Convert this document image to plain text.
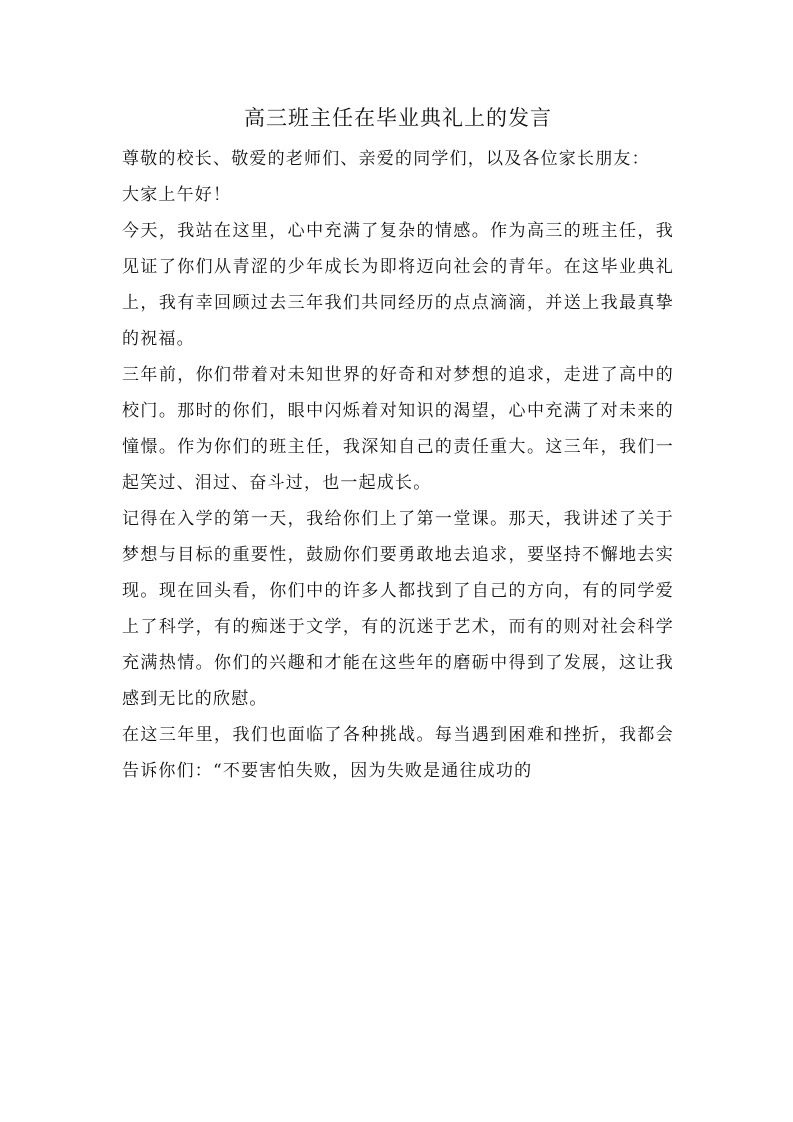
高三班主任在毕业典礼上的发言

尊敬的校长、敬爱的老师们、亲爱的同学们，以及各位家长朋友：

大家上午好！

今天，我站在这里，心中充满了复杂的情感。作为高三的班主任，我见证了你们从青涩的少年成长为即将迈向社会的青年。在这毕业典礼上，我有幸回顾过去三年我们共同经历的点点滴滴，并送上我最真挚的祝福。

三年前，你们带着对未知世界的好奇和对梦想的追求，走进了高中的校门。那时的你们，眼中闪烁着对知识的渴望，心中充满了对未来的憧憬。作为你们的班主任，我深知自己的责任重大。这三年，我们一起笑过、泪过、奋斗过，也一起成长。

记得在入学的第一天，我给你们上了第一堂课。那天，我讲述了关于梦想与目标的重要性，鼓励你们要勇敢地去追求，要坚持不懈地去实现。现在回头看，你们中的许多人都找到了自己的方向，有的同学爱上了科学，有的痴迷于文学，有的沉迷于艺术，而有的则对社会科学充满热情。你们的兴趣和才能在这些年的磨砺中得到了发展，这让我感到无比的欣慰。

在这三年里，我们也面临了各种挑战。每当遇到困难和挫折，我都会告诉你们：“不要害怕失败，因为失败是通往成功的
